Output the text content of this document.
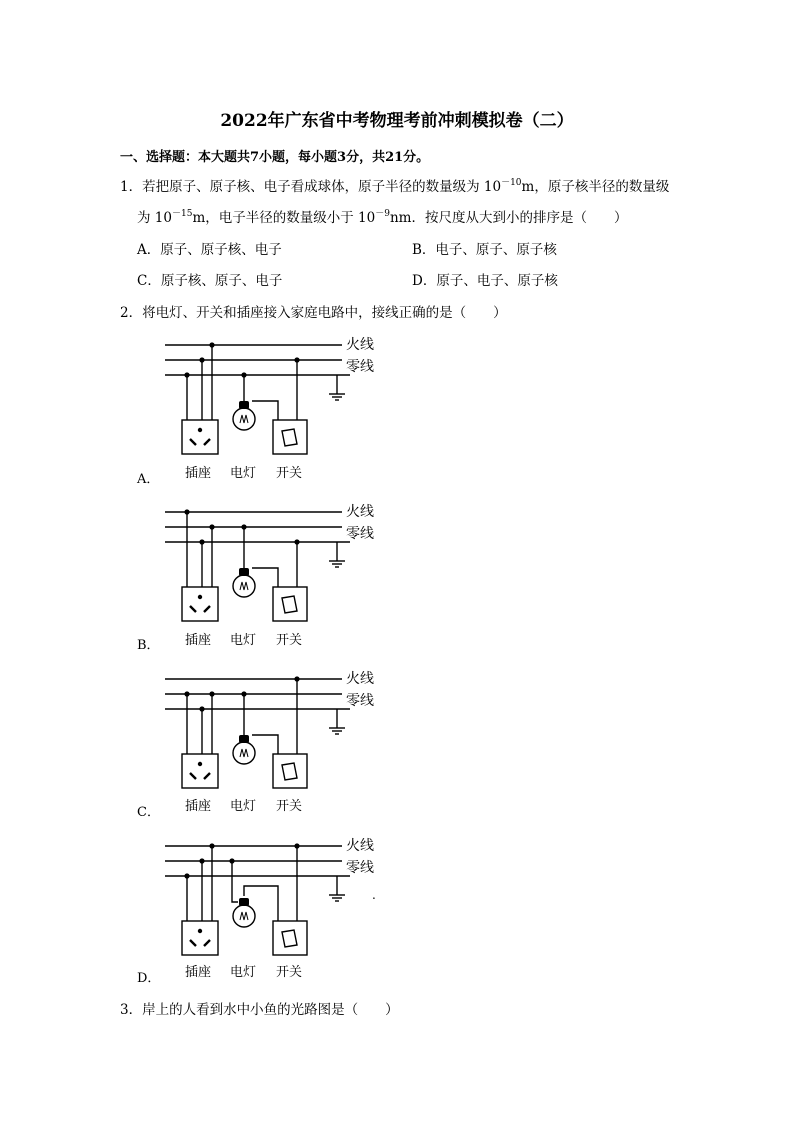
2022年广东省中考物理考前冲刺模拟卷（二）
一、选择题：本大题共7小题，每小题3分，共21分。
1．若把原子、原子核、电子看成球体，原子半径的数量级为 $10^{-10}m$，原子核半径的数量级
为 $10^{-15}m$，电子半径的数量级小于 $10^{-9}nm$．按尺度从大到小的排序是（　　）
A．原子、原子核、电子	B．电子、原子、原子核
C．原子核、原子、电子	D．原子、电子、原子核
2．将电灯、开关和插座接入家庭电路中，接线正确的是（　　）
火线
零线
插座 电灯 开关
A．
火线
零线
插座 电灯 开关
B．
火线
零线
插座 电灯 开关
C．
火线
零线
.
插座 电灯 开关
D．
3．岸上的人看到水中小鱼的光路图是（　　）
